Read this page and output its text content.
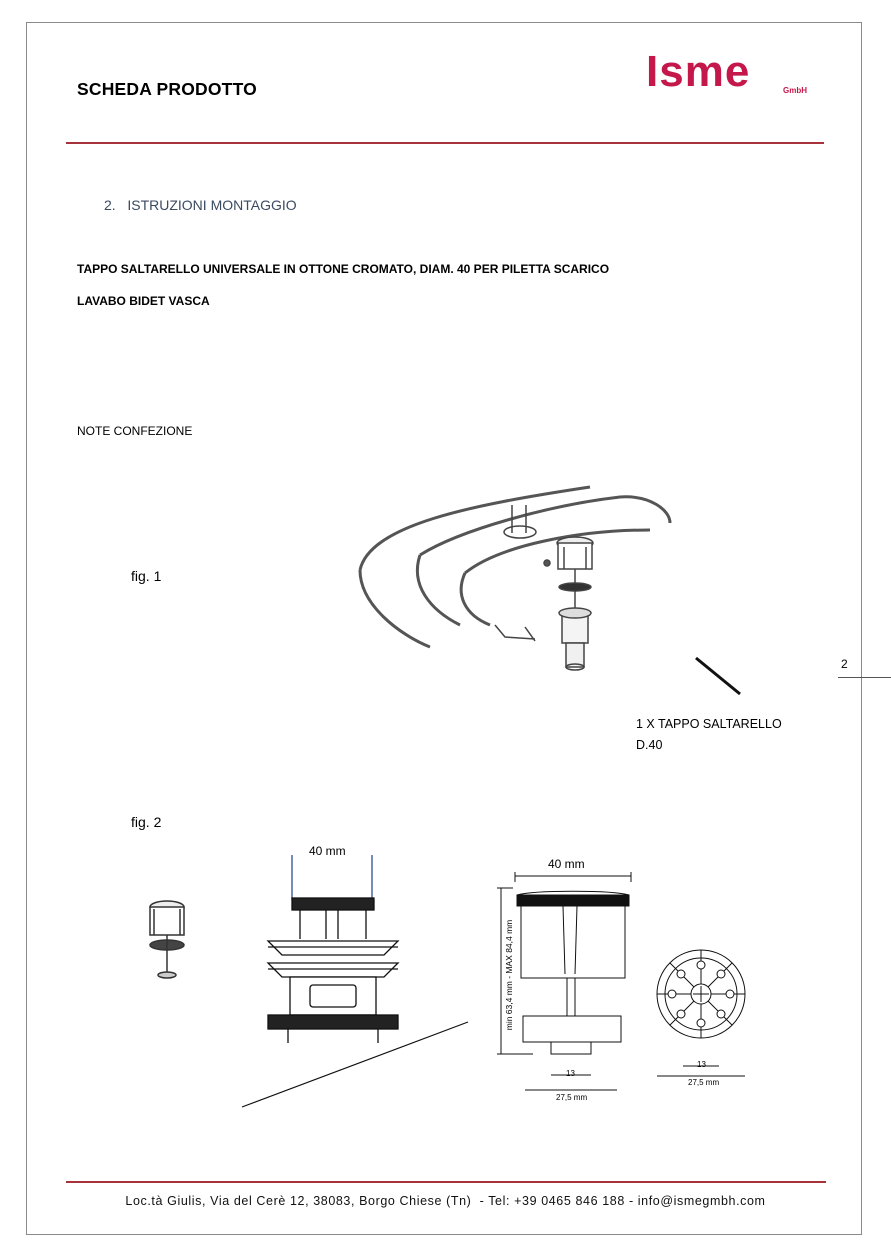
SCHEDA PRODOTTO	Isme	GmbH
2.   ISTRUZIONI MONTAGGIO
TAPPO SALTARELLO UNIVERSALE IN OTTONE CROMATO, DIAM. 40 PER PILETTA SCARICO
LAVABO BIDET VASCA
NOTE CONFEZIONE
fig. 1
2
1 X TAPPO SALTARELLO
D.40
fig. 2
40 mm
40 mm
min 63,4 mm - MAX 84,4 mm
13
27,5 mm
13
27,5 mm
Loc.tà Giulis, Via del Cerè 12, 38083, Borgo Chiese (Tn)  - Tel: +39 0465 846 188 - info@ismegmbh.com
